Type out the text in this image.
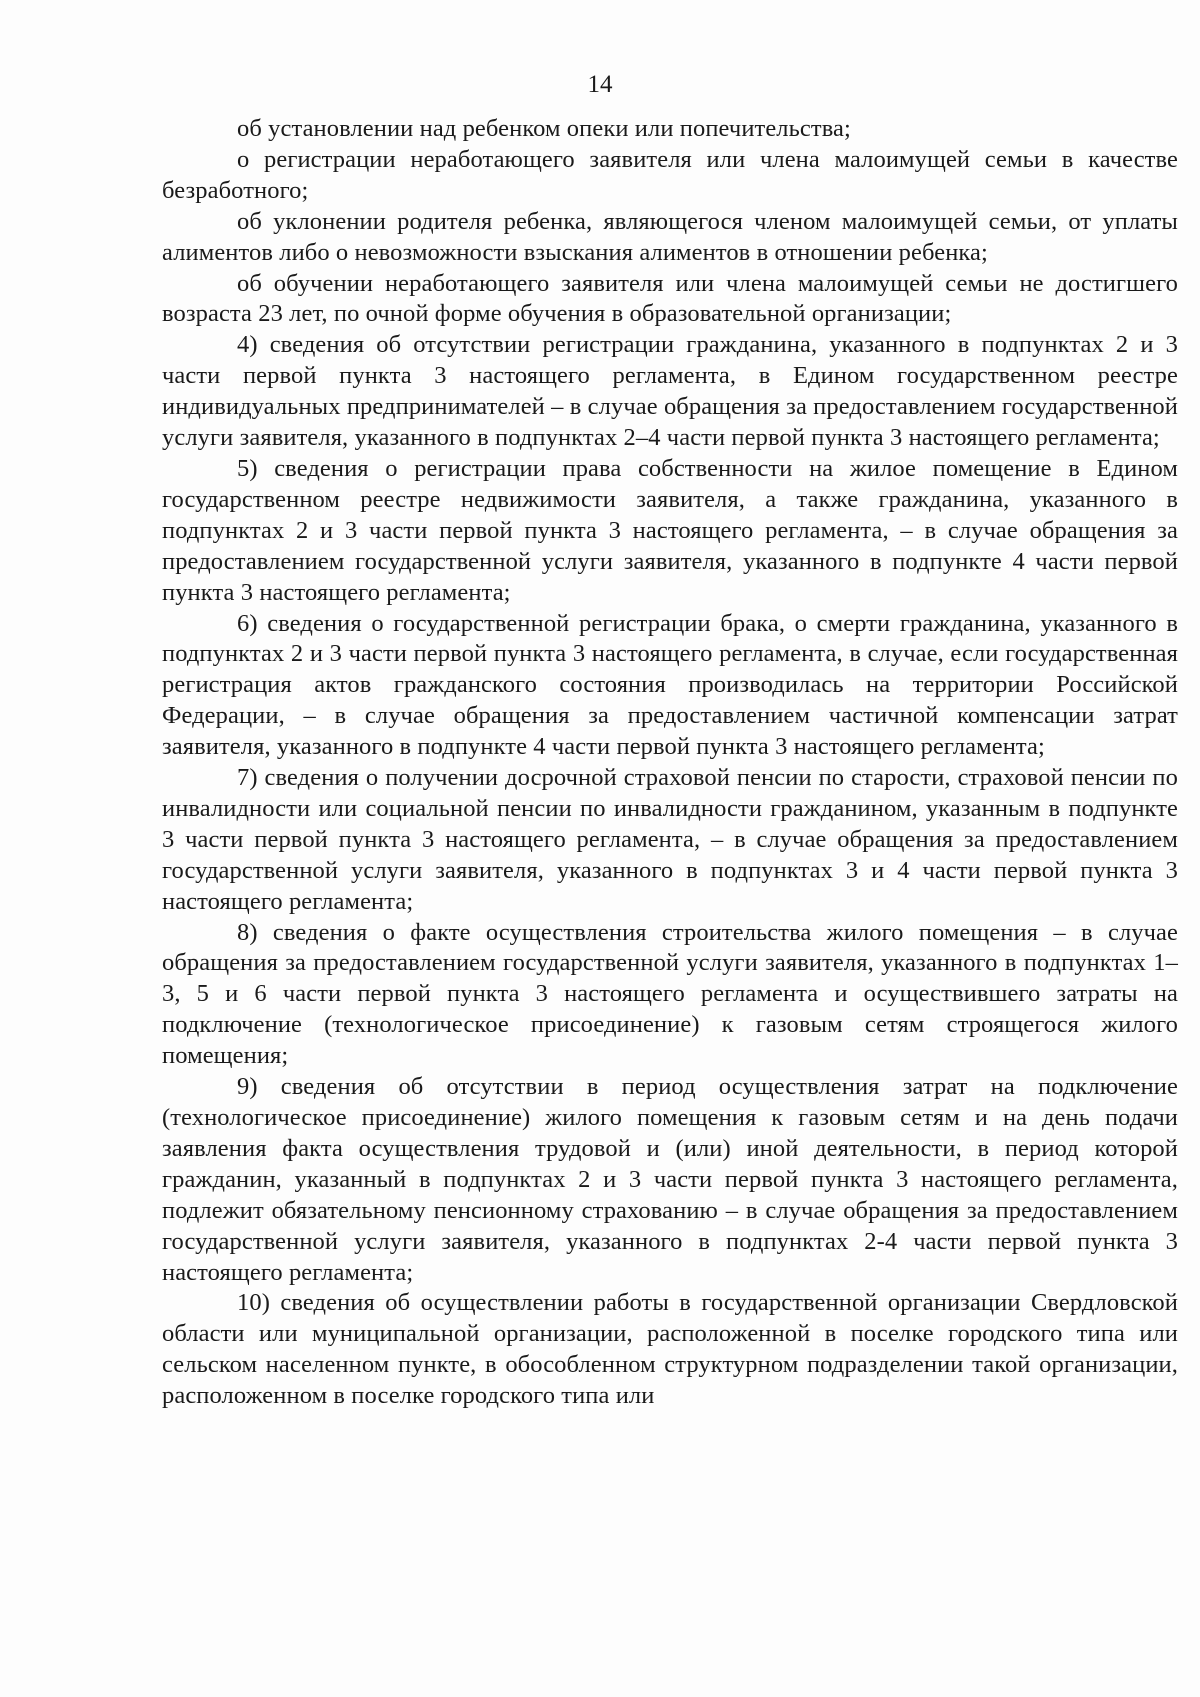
14

об установлении над ребенком опеки или попечительства;

о регистрации неработающего заявителя или члена малоимущей семьи в качестве безработного;

об уклонении родителя ребенка, являющегося членом малоимущей семьи, от уплаты алиментов либо о невозможности взыскания алиментов в отношении ребенка;

об обучении неработающего заявителя или члена малоимущей семьи не достигшего возраста 23 лет, по очной форме обучения в образовательной организации;

4) сведения об отсутствии регистрации гражданина, указанного в подпунктах 2 и 3 части первой пункта 3 настоящего регламента, в Едином государственном реестре индивидуальных предпринимателей – в случае обращения за предоставлением государственной услуги заявителя, указанного в подпунктах 2–4 части первой пункта 3 настоящего регламента;

5) сведения о регистрации права собственности на жилое помещение в Едином государственном реестре недвижимости заявителя, а также гражданина, указанного в подпунктах 2 и 3 части первой пункта 3 настоящего регламента, – в случае обращения за предоставлением государственной услуги заявителя, указанного в подпункте 4 части первой пункта 3 настоящего регламента;

6) сведения о государственной регистрации брака, о смерти гражданина, указанного в подпунктах 2 и 3 части первой пункта 3 настоящего регламента, в случае, если государственная регистрация актов гражданского состояния производилась на территории Российской Федерации, – в случае обращения за предоставлением частичной компенсации затрат заявителя, указанного в подпункте 4 части первой пункта 3 настоящего регламента;

7) сведения о получении досрочной страховой пенсии по старости, страховой пенсии по инвалидности или социальной пенсии по инвалидности гражданином, указанным в подпункте 3 части первой пункта 3 настоящего регламента, – в случае обращения за предоставлением государственной услуги заявителя, указанного в подпунктах 3 и 4 части первой пункта 3 настоящего регламента;

8) сведения о факте осуществления строительства жилого помещения – в случае обращения за предоставлением государственной услуги заявителя, указанного в подпунктах 1–3, 5 и 6 части первой пункта 3 настоящего регламента и осуществившего затраты на подключение (технологическое присоединение) к газовым сетям строящегося жилого помещения;

9) сведения об отсутствии в период осуществления затрат на подключение (технологическое присоединение) жилого помещения к газовым сетям и на день подачи заявления факта осуществления трудовой и (или) иной деятельности, в период которой гражданин, указанный в подпунктах 2 и 3 части первой пункта 3 настоящего регламента, подлежит обязательному пенсионному страхованию – в случае обращения за предоставлением государственной услуги заявителя, указанного в подпунктах 2-4 части первой пункта 3 настоящего регламента;

10) сведения об осуществлении работы в государственной организации Свердловской области или муниципальной организации, расположенной в поселке городского типа или сельском населенном пункте, в обособленном структурном подразделении такой организации, расположенном в поселке городского типа или
